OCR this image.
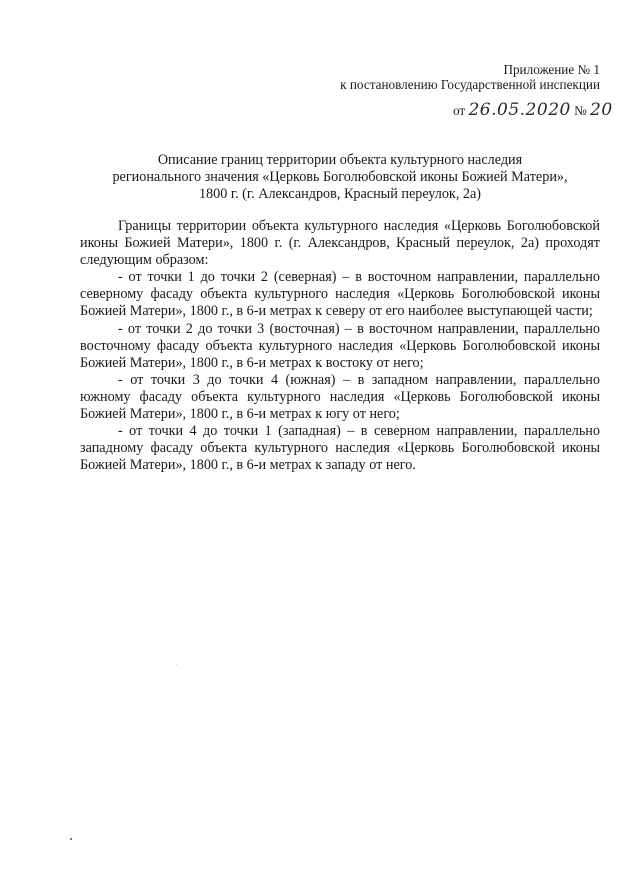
Приложение № 1
к постановлению Государственной инспекции
от 26.05.2020 № 20
Описание границ территории объекта культурного наследия
регионального значения «Церковь Боголюбовской иконы Божией Матери»,
1800 г. (г. Александров, Красный переулок, 2а)

Границы территории объекта культурного наследия «Церковь Боголюбовской иконы Божией Матери», 1800 г. (г. Александров, Красный переулок, 2а) проходят следующим образом:

- от точки 1 до точки 2 (северная) – в восточном направлении, параллельно северному фасаду объекта культурного наследия «Церковь Боголюбовской иконы Божией Матери», 1800 г., в 6-и метрах к северу от его наиболее выступающей части;

- от точки 2 до точки 3 (восточная) – в восточном направлении, параллельно восточному фасаду объекта культурного наследия «Церковь Боголюбовской иконы Божией Матери», 1800 г., в 6-и метрах к востоку от него;

- от точки 3 до точки 4 (южная) – в западном направлении, параллельно южному фасаду объекта культурного наследия «Церковь Боголюбовской иконы Божией Матери», 1800 г., в 6-и метрах к югу от него;

- от точки 4 до точки 1 (западная) – в северном направлении, параллельно западному фасаду объекта культурного наследия «Церковь Боголюбовской иконы Божией Матери», 1800 г., в 6-и метрах к западу от него.
